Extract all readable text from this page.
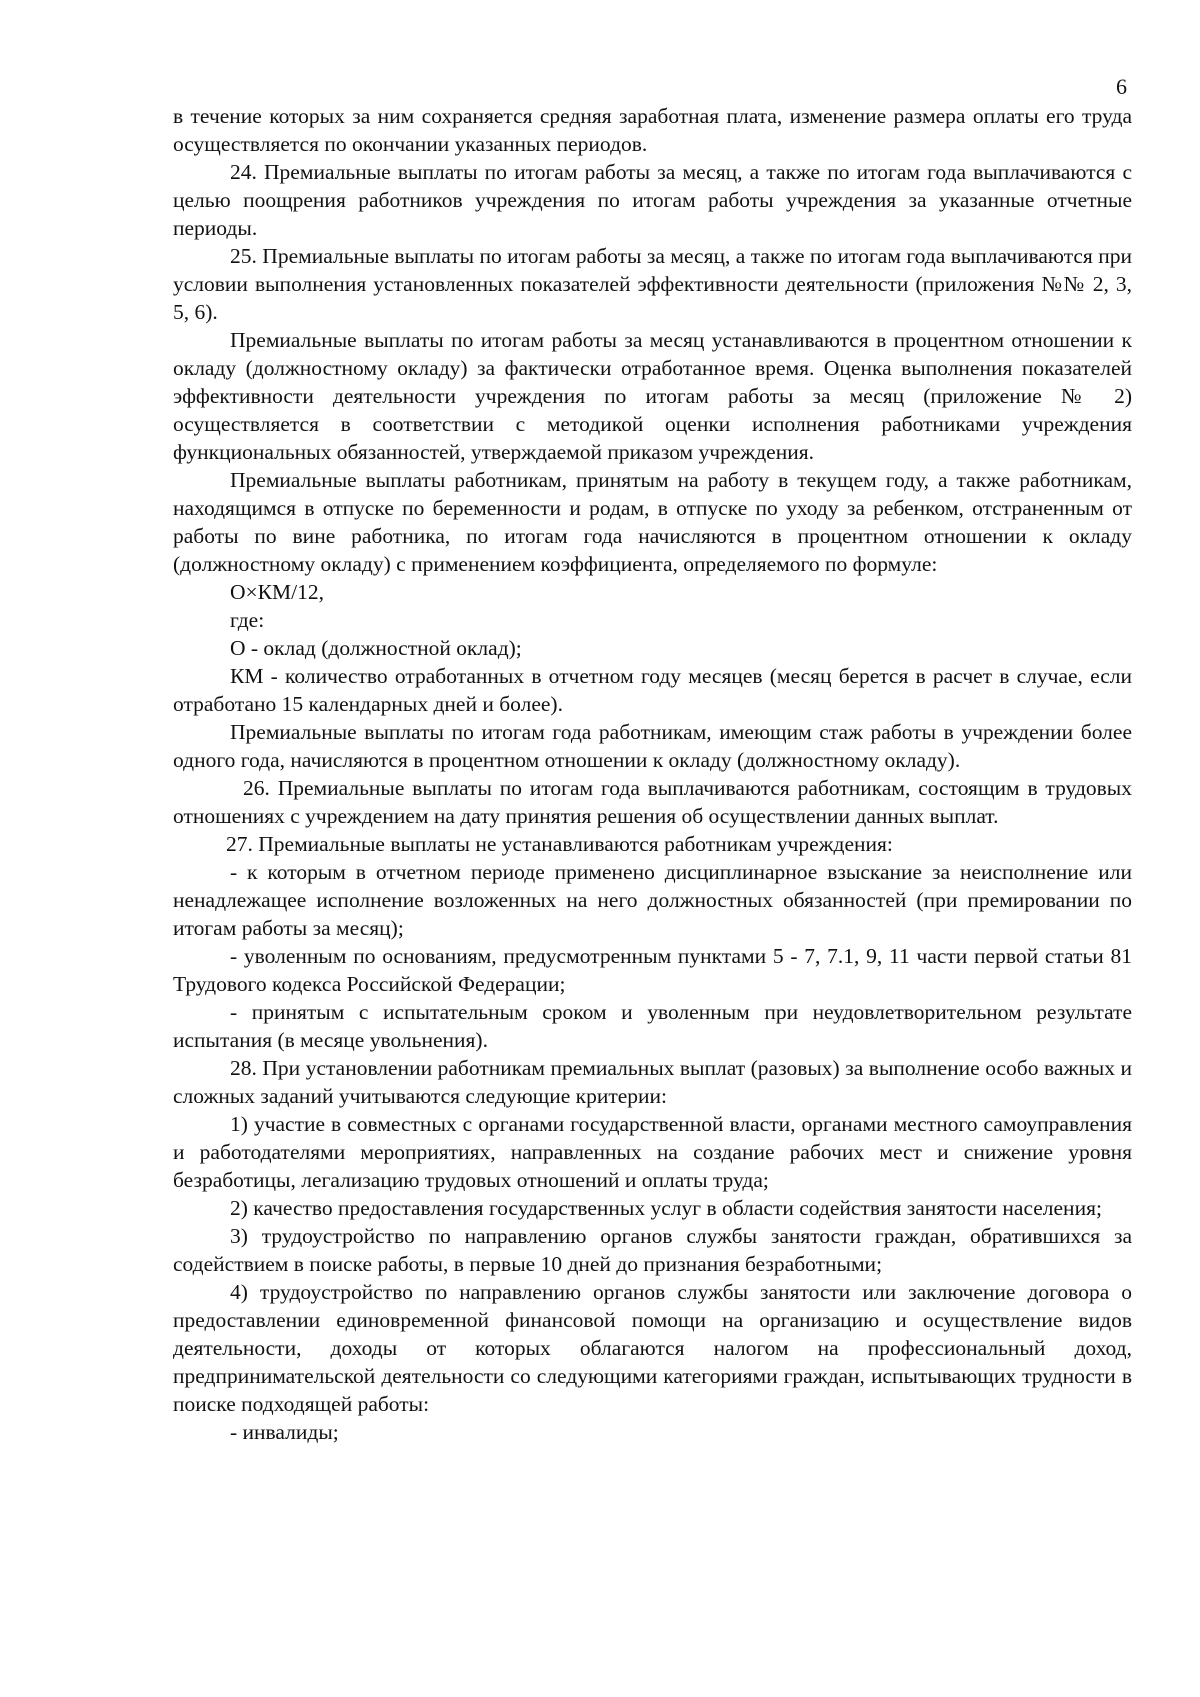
6

в течение которых за ним сохраняется средняя заработная плата, изменение размера оплаты его труда осуществляется по окончании указанных периодов.

24. Премиальные выплаты по итогам работы за месяц, а также по итогам года выплачиваются с целью поощрения работников учреждения по итогам работы учреждения за указанные отчетные периоды.

25. Премиальные выплаты по итогам работы за месяц, а также по итогам года выплачиваются при условии выполнения установленных показателей эффективности деятельности (приложения №№ 2, 3, 5, 6).

Премиальные выплаты по итогам работы за месяц устанавливаются в процентном отношении к окладу (должностному окладу) за фактически отработанное время. Оценка выполнения показателей эффективности деятельности учреждения по итогам работы за месяц (приложение № 2) осуществляется в соответствии с методикой оценки исполнения работниками учреждения функциональных обязанностей, утверждаемой приказом учреждения.

Премиальные выплаты работникам, принятым на работу в текущем году, а также работникам, находящимся в отпуске по беременности и родам, в отпуске по уходу за ребенком, отстраненным от работы по вине работника, по итогам года начисляются в процентном отношении к окладу (должностному окладу) с применением коэффициента, определяемого по формуле:

О×КМ/12,

где:

О - оклад (должностной оклад);

КМ - количество отработанных в отчетном году месяцев (месяц берется в расчет в случае, если отработано 15 календарных дней и более).

Премиальные выплаты по итогам года работникам, имеющим стаж работы в учреждении более одного года, начисляются в процентном отношении к окладу (должностному окладу).

26. Премиальные выплаты по итогам года выплачиваются работникам, состоящим в трудовых отношениях с учреждением на дату принятия решения об осуществлении данных выплат.

27. Премиальные выплаты не устанавливаются работникам учреждения:

- к которым в отчетном периоде применено дисциплинарное взыскание за неисполнение или ненадлежащее исполнение возложенных на него должностных обязанностей (при премировании по итогам работы за месяц);

- уволенным по основаниям, предусмотренным пунктами 5 - 7, 7.1, 9, 11 части первой статьи 81 Трудового кодекса Российской Федерации;

- принятым с испытательным сроком и уволенным при неудовлетворительном результате испытания (в месяце увольнения).

28. При установлении работникам премиальных выплат (разовых) за выполнение особо важных и сложных заданий учитываются следующие критерии:

1) участие в совместных с органами государственной власти, органами местного самоуправления и работодателями мероприятиях, направленных на создание рабочих мест и снижение уровня безработицы, легализацию трудовых отношений и оплаты труда;

2) качество предоставления государственных услуг в области содействия занятости населения;

3) трудоустройство по направлению органов службы занятости граждан, обратившихся за содействием в поиске работы, в первые 10 дней до признания безработными;

4) трудоустройство по направлению органов службы занятости или заключение договора о предоставлении единовременной финансовой помощи на организацию и осуществление видов деятельности, доходы от которых облагаются налогом на профессиональный доход, предпринимательской деятельности со следующими категориями граждан, испытывающих трудности в поиске подходящей работы:

- инвалиды;
